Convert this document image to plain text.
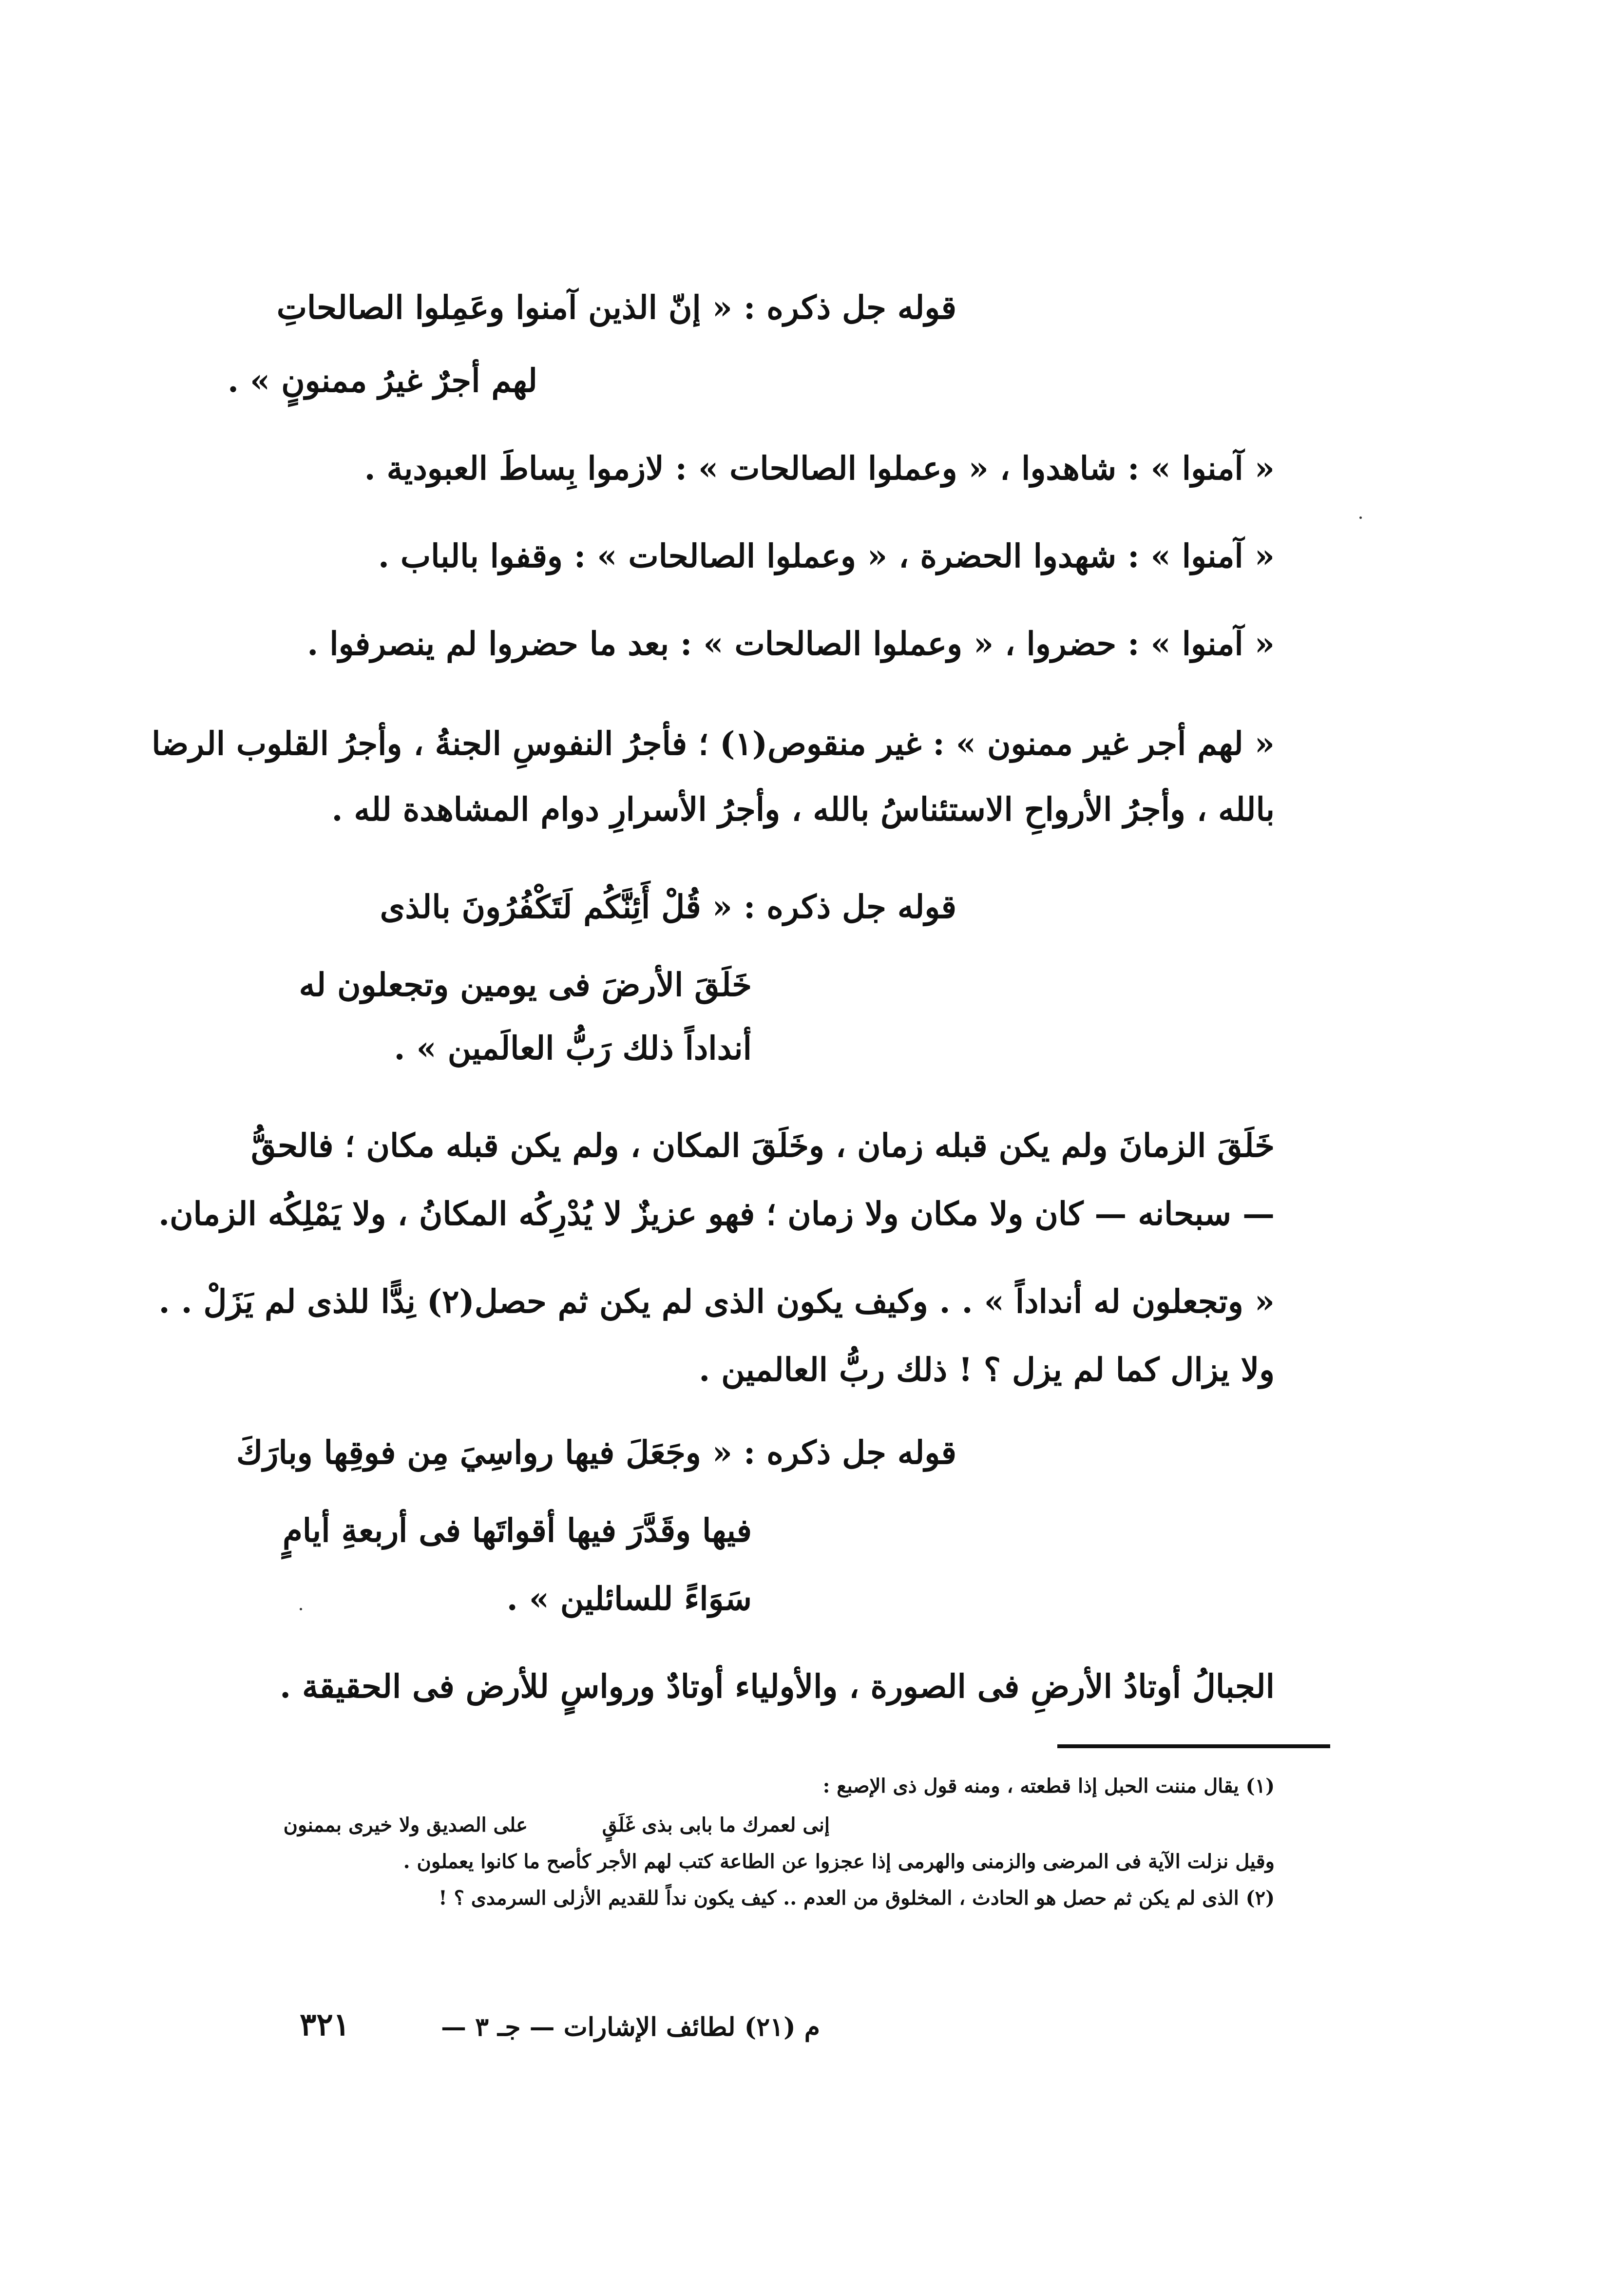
قوله جل ذكره : « إنّ الذين آمنوا وعَمِلوا الصالحاتِ
لهم أجرٌ غيرُ ممنونٍ » .
« آمنوا » : شاهدوا ، « وعملوا الصالحات » : لازموا بِساطَ العبودية .
« آمنوا » : شهدوا الحضرة ، « وعملوا الصالحات » : وقفوا بالباب .
« آمنوا » : حضروا ، « وعملوا الصالحات » : بعد ما حضروا لم ينصرفوا .
« لهم أجر غير ممنون » : غير منقوص(١) ؛ فأجرُ النفوسِ الجنةُ ، وأجرُ القلوب الرضا
بالله ، وأجرُ الأرواحِ الاستئناسُ بالله ، وأجرُ الأسرارِ دوام المشاهدة لله .
قوله جل ذكره : « قُلْ أَئِنَّكُم لَتَكْفُرُونَ بالذى
خَلَقَ الأرضَ فى يومين وتجعلون له
أنداداً ذلك رَبُّ العالَمين » .
خَلَقَ الزمانَ ولم يكن قبله زمان ، وخَلَقَ المكان ، ولم يكن قبله مكان ؛ فالحقُّ
— سبحانه — كان ولا مكان ولا زمان ؛ فهو عزيزٌ لا يُدْرِكُه المكانُ ، ولا يَمْلِكُه الزمان.
« وتجعلون له أنداداً » . . وكيف يكون الذى لم يكن ثم حصل(٢) نِدًّا للذى لم يَزَلْ . .
ولا يزال كما لم يزل ؟ ! ذلك ربُّ العالمين .
قوله جل ذكره : « وجَعَلَ فيها رواسِيَ مِن فوقِها وبارَكَ
فيها وقَدَّرَ فيها أقواتَها فى أربعةِ أيامٍ
سَوَاءً للسائلين » .
الجبالُ أوتادُ الأرضِ فى الصورة ، والأولياء أوتادٌ ورواسٍ للأرض فى الحقيقة .
(١) يقال مننت الحبل إذا قطعته ، ومنه قول ذى الإصبع :
إنى لعمرك ما بابى بذى غَلَقٍ
على الصديق ولا خيرى بممنون
وقيل نزلت الآية فى المرضى والزمنى والهرمى إذا عجزوا عن الطاعة كتب لهم الأجر كأصح ما كانوا يعملون .
(٢) الذى لم يكن ثم حصل هو الحادث ، المخلوق من العدم .. كيف يكون نداً للقديم الأزلى السرمدى ؟ !
م (٢١) لطائف الإشارات — جـ ٣ —
٣٢١
